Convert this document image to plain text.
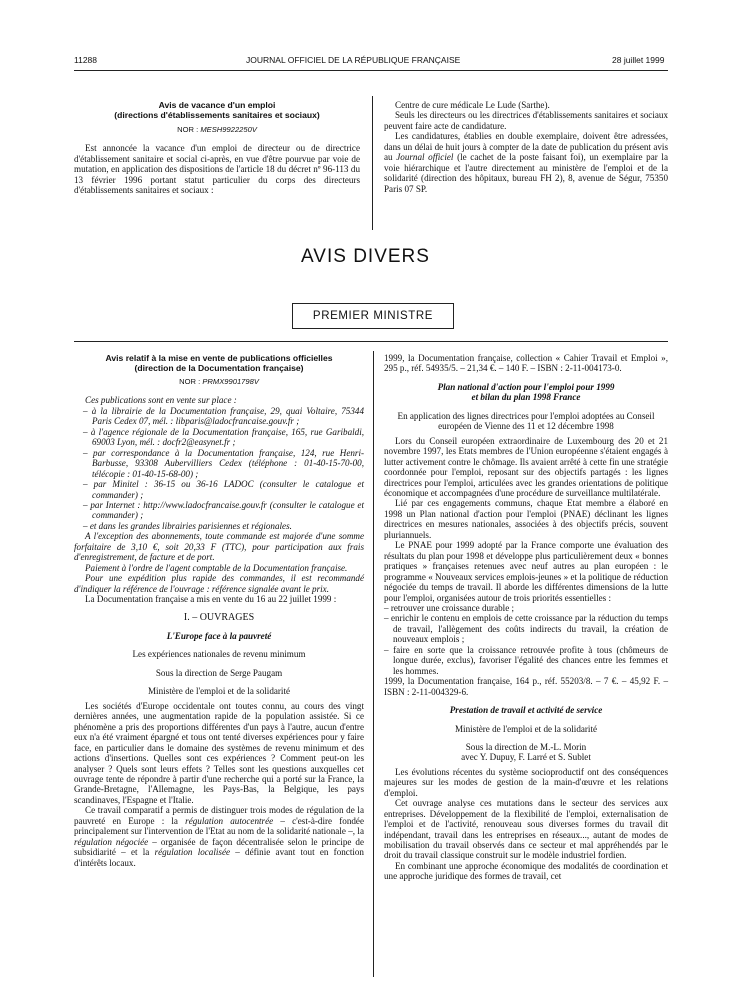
11288	JOURNAL OFFICIEL DE LA RÉPUBLIQUE FRANÇAISE	28 juillet 1999

Avis de vacance d'un emploi

(directions d'établissements sanitaires et sociaux)

NOR : MESH9922250V

Est annoncée la vacance d'un emploi de directeur ou de directrice d'établissement sanitaire et social ci-après, en vue d'être pourvue par voie de mutation, en application des dispositions de l'article 18 du décret nº 96-113 du 13 février 1996 portant statut particulier du corps des directeurs d'établissements sanitaires et sociaux :

Centre de cure médicale Le Lude (Sarthe).

Seuls les directeurs ou les directrices d'établissements sanitaires et sociaux peuvent faire acte de candidature.

Les candidatures, établies en double exemplaire, doivent être adressées, dans un délai de huit jours à compter de la date de publication du présent avis au Journal officiel (le cachet de la poste faisant foi), un exemplaire par la voie hiérarchique et l'autre directement au ministère de l'emploi et de la solidarité (direction des hôpitaux, bureau FH 2), 8, avenue de Ségur, 75350 Paris 07 SP.

AVIS DIVERS
PREMIER MINISTRE

Avis relatif à la mise en vente de publications officielles

(direction de la Documentation française)

NOR : PRMX9901798V

Ces publications sont en vente sur place :

– à la librairie de la Documentation française, 29, quai Voltaire, 75344 Paris Cedex 07, mél. : libparis@ladocfrancaise.gouv.fr ;

– à l'agence régionale de la Documentation française, 165, rue Garibaldi, 69003 Lyon, mél. : docfr2@easynet.fr ;

– par correspondance à la Documentation française, 124, rue Henri-Barbusse, 93308 Aubervilliers Cedex (téléphone : 01-40-15-70-00, télécopie : 01-40-15-68-00) ;

– par Minitel : 36-15 ou 36-16 LADOC (consulter le catalogue et commander) ;

– par Internet : http://www.ladocfrancaise.gouv.fr (consulter le catalogue et commander) ;

– et dans les grandes librairies parisiennes et régionales.

A l'exception des abonnements, toute commande est majorée d'une somme forfaitaire de 3,10 €, soit 20,33 F (TTC), pour participation aux frais d'enregistrement, de facture et de port.

Paiement à l'ordre de l'agent comptable de la Documentation française.

Pour une expédition plus rapide des commandes, il est recommandé d'indiquer la référence de l'ouvrage : référence signalée avant le prix.

La Documentation française a mis en vente du 16 au 22 juillet 1999 :

I. – OUVRAGES

L'Europe face à la pauvreté

Les expériences nationales de revenu minimum

Sous la direction de Serge Paugam

Ministère de l'emploi et de la solidarité

Les sociétés d'Europe occidentale ont toutes connu, au cours des vingt dernières années, une augmentation rapide de la population assistée. Si ce phénomène a pris des proportions différentes d'un pays à l'autre, aucun d'entre eux n'a été vraiment épargné et tous ont tenté diverses expériences pour y faire face, en particulier dans le domaine des systèmes de revenu minimum et des actions d'insertions. Quelles sont ces expériences ? Comment peut-on les analyser ? Quels sont leurs effets ? Telles sont les questions auxquelles cet ouvrage tente de répondre à partir d'une recherche qui a porté sur la France, la Grande-Bretagne, l'Allemagne, les Pays-Bas, la Belgique, les pays scandinaves, l'Espagne et l'Italie.

Ce travail comparatif a permis de distinguer trois modes de régulation de la pauvreté en Europe : la régulation autocentrée – c'est-à-dire fondée principalement sur l'intervention de l'Etat au nom de la solidarité nationale –, la régulation négociée – organisée de façon décentralisée selon le principe de subsidiarité – et la régulation localisée – définie avant tout en fonction d'intérêts locaux.

1999, la Documentation française, collection « Cahier Travail et Emploi », 295 p., réf. 54935/5. – 21,34 €. – 140 F. – ISBN : 2-11-004173-0.

Plan national d'action pour l'emploi pour 1999

et bilan du plan 1998 France

En application des lignes directrices pour l'emploi adoptées au Conseil européen de Vienne des 11 et 12 décembre 1998

Lors du Conseil européen extraordinaire de Luxembourg des 20 et 21 novembre 1997, les Etats membres de l'Union européenne s'étaient engagés à lutter activement contre le chômage. Ils avaient arrêté à cette fin une stratégie coordonnée pour l'emploi, reposant sur des objectifs partagés : les lignes directrices pour l'emploi, articulées avec les grandes orientations de politique économique et accompagnées d'une procédure de surveillance multilatérale.

Lié par ces engagements communs, chaque Etat membre a élaboré en 1998 un Plan national d'action pour l'emploi (PNAE) déclinant les lignes directrices en mesures nationales, associées à des objectifs précis, souvent pluriannuels.

Le PNAE pour 1999 adopté par la France comporte une évaluation des résultats du plan pour 1998 et développe plus particulièrement deux « bonnes pratiques » françaises retenues avec neuf autres au plan européen : le programme « Nouveaux services emplois-jeunes » et la politique de réduction négociée du temps de travail. Il aborde les différentes dimensions de la lutte pour l'emploi, organisées autour de trois priorités essentielles :

– retrouver une croissance durable ;

– enrichir le contenu en emplois de cette croissance par la réduction du temps de travail, l'allègement des coûts indirects du travail, la création de nouveaux emplois ;

– faire en sorte que la croissance retrouvée profite à tous (chômeurs de longue durée, exclus), favoriser l'égalité des chances entre les femmes et les hommes.

1999, la Documentation française, 164 p., réf. 55203/8. – 7 €. – 45,92 F. – ISBN : 2-11-004329-6.

Prestation de travail et activité de service

Ministère de l'emploi et de la solidarité

Sous la direction de M.-L. Morin

avec Y. Dupuy, F. Larré et S. Sublet

Les évolutions récentes du système socioproductif ont des conséquences majeures sur les modes de gestion de la main-d'œuvre et les relations d'emploi.

Cet ouvrage analyse ces mutations dans le secteur des services aux entreprises. Développement de la flexibilité de l'emploi, externalisation de l'emploi et de l'activité, renouveau sous diverses formes du travail dit indépendant, travail dans les entreprises en réseaux..., autant de modes de mobilisation du travail observés dans ce secteur et mal appréhendés par le droit du travail classique construit sur le modèle industriel fordien.

En combinant une approche économique des modalités de coordination et une approche juridique des formes de travail, cet
